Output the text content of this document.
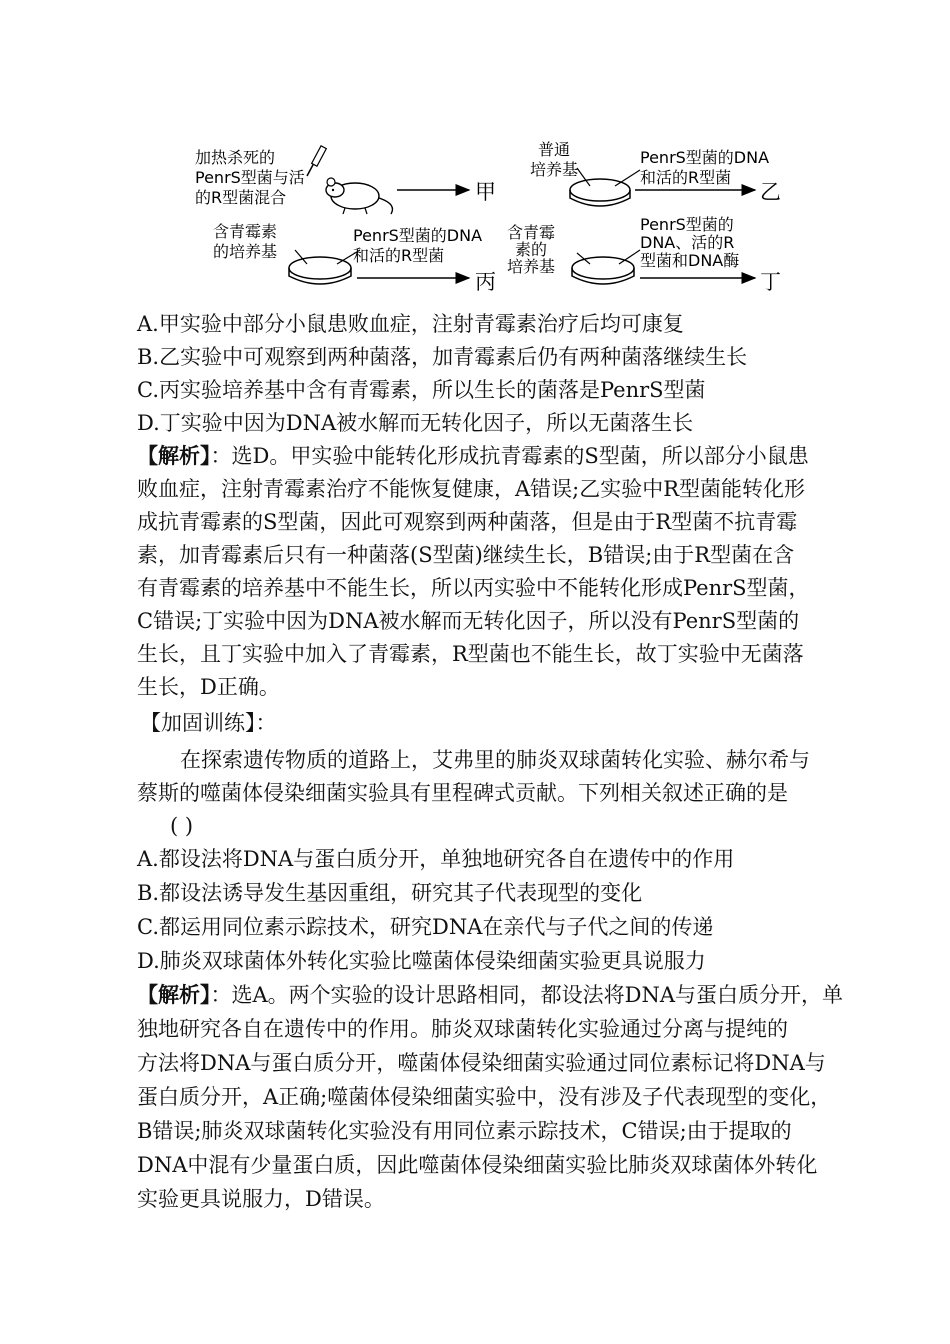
加热杀死的
PenrS型菌与活
的R型菌混合	甲
普通
培养基
PenrS型菌的DNA
和活的R型菌
乙
含青霉素
的培养基
PenrS型菌的DNA
和活的R型菌
丙
含青霉
素的
培养基
PenrS型菌的
DNA、活的R
型菌和DNA酶
丁
A.甲实验中部分小鼠患败血症，注射青霉素治疗后均可康复
B.乙实验中可观察到两种菌落，加青霉素后仍有两种菌落继续生长
C.丙实验培养基中含有青霉素，所以生长的菌落是PenrS型菌
D.丁实验中因为DNA被水解而无转化因子，所以无菌落生长
【解析】：选D。甲实验中能转化形成抗青霉素的S型菌，所以部分小鼠患
败血症，注射青霉素治疗不能恢复健康，A错误;乙实验中R型菌能转化形
成抗青霉素的S型菌，因此可观察到两种菌落，但是由于R型菌不抗青霉
素，加青霉素后只有一种菌落(S型菌)继续生长，B错误;由于R型菌在含
有青霉素的培养基中不能生长，所以丙实验中不能转化形成PenrS型菌，
C错误;丁实验中因为DNA被水解而无转化因子，所以没有PenrS型菌的
生长，且丁实验中加入了青霉素，R型菌也不能生长，故丁实验中无菌落
生长，D正确。
【加固训练】：
在探索遗传物质的道路上，艾弗里的肺炎双球菌转化实验、赫尔希与
蔡斯的噬菌体侵染细菌实验具有里程碑式贡献。下列相关叙述正确的是
( )
A.都设法将DNA与蛋白质分开，单独地研究各自在遗传中的作用
B.都设法诱导发生基因重组，研究其子代表现型的变化
C.都运用同位素示踪技术，研究DNA在亲代与子代之间的传递
D.肺炎双球菌体外转化实验比噬菌体侵染细菌实验更具说服力
【解析】：选A。两个实验的设计思路相同，都设法将DNA与蛋白质分开，单
独地研究各自在遗传中的作用。肺炎双球菌转化实验通过分离与提纯的
方法将DNA与蛋白质分开，噬菌体侵染细菌实验通过同位素标记将DNA与
蛋白质分开，A正确;噬菌体侵染细菌实验中，没有涉及子代表现型的变化，
B错误;肺炎双球菌转化实验没有用同位素示踪技术，C错误;由于提取的
DNA中混有少量蛋白质，因此噬菌体侵染细菌实验比肺炎双球菌体外转化
实验更具说服力，D错误。
